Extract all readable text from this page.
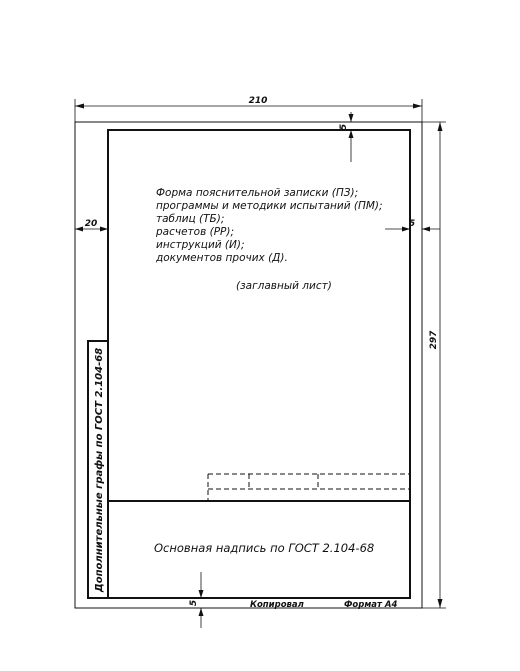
210
297
20	5
5
5
Форма пояснительной записки (ПЗ);
программы и методики испытаний (ПМ);
таблиц (ТБ);
расчетов (РР);
инструкций (И);
документов прочих (Д).
(заглавный лист)
Основная надпись по ГОСТ 2.104-68
Дополнительные графы по ГОСТ 2.104-68
Копировал	Формат А4
